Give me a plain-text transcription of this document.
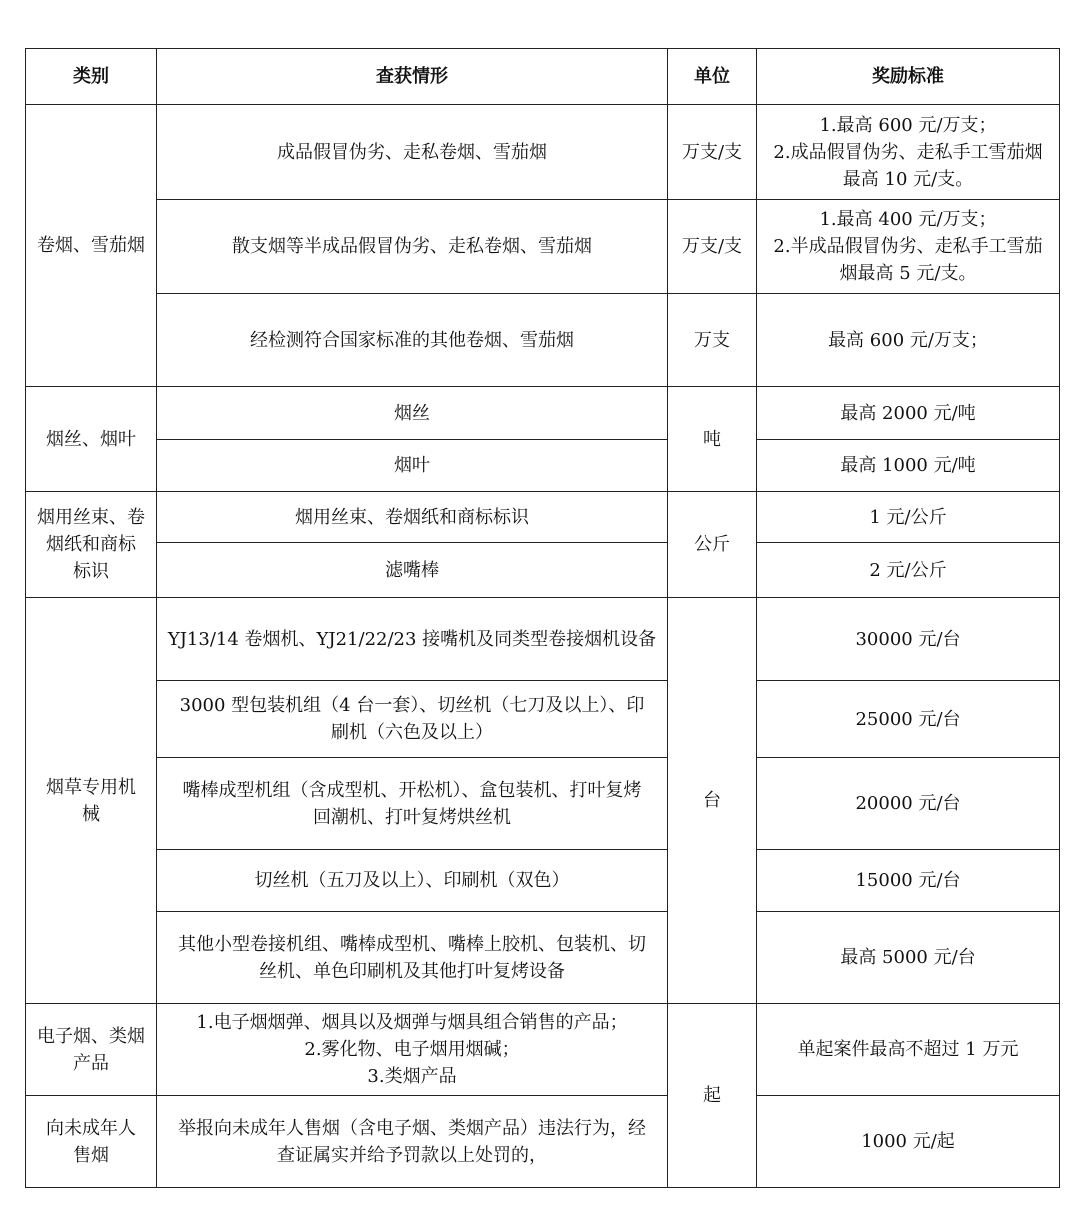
类别	查获情形	单位	奖励标准
卷烟、雪茄烟	成品假冒伪劣、走私卷烟、雪茄烟	万支/支	1.最高 600 元/万支；
2.成品假冒伪劣、走私手工雪茄烟
最高 10 元/支。

	散支烟等半成品假冒伪劣、走私卷烟、雪茄烟	万支/支	1.最高 400 元/万支；
2.半成品假冒伪劣、走私手工雪茄
烟最高 5 元/支。

	经检测符合国家标准的其他卷烟、雪茄烟	万支	最高 600 元/万支；
烟丝、烟叶	烟丝	吨	最高 2000 元/吨
	烟叶		最高 1000 元/吨

烟用丝束、卷
烟纸和商标
标识	烟用丝束、卷烟纸和商标标识	公斤	1 元/公斤
	滤嘴棒		2 元/公斤

烟草专用机
械	YJ13/14 卷烟机、YJ21/22/23 接嘴机及同类型卷接烟机设备	台	30000 元/台

	3000 型包装机组（4 台一套）、切丝机（七刀及以上）、印
刷机（六色及以上）		25000 元/台

	嘴棒成型机组（含成型机、开松机）、盒包装机、打叶复烤
回潮机、打叶复烤烘丝机		20000 元/台

	切丝机（五刀及以上）、印刷机（双色）		15000 元/台

	其他小型卷接机组、嘴棒成型机、嘴棒上胶机、包装机、切
丝机、单色印刷机及其他打叶复烤设备		最高 5000 元/台

电子烟、类烟
产品	1.电子烟烟弹、烟具以及烟弹与烟具组合销售的产品；
2.雾化物、电子烟用烟碱；
3.类烟产品	起	单起案件最高不超过 1 万元

向未成年人
售烟	举报向未成年人售烟（含电子烟、类烟产品）违法行为，经
查证属实并给予罚款以上处罚的，		1000 元/起
